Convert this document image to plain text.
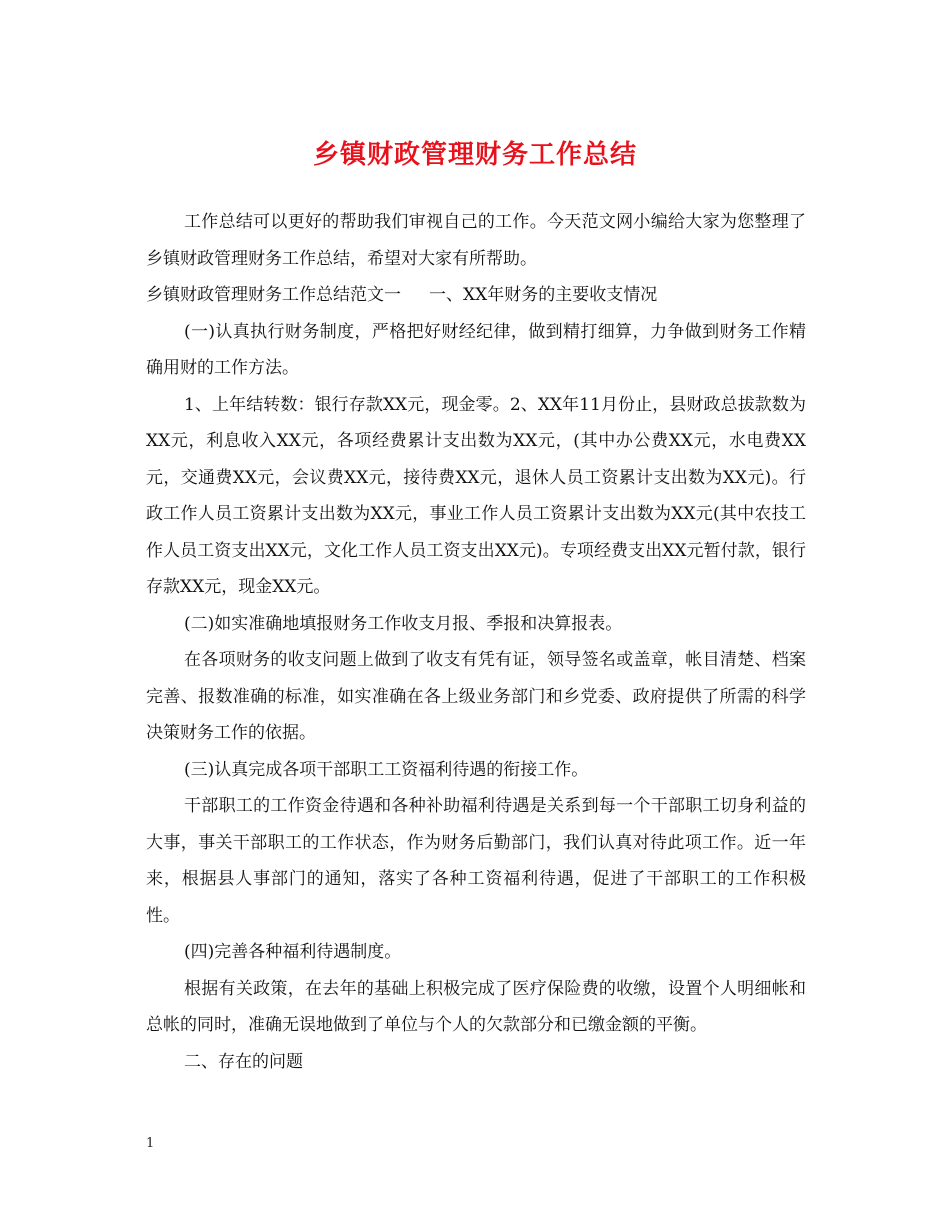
乡镇财政管理财务工作总结

工作总结可以更好的帮助我们审视自己的工作。今天范文网小编给大家为您整理了乡镇财政管理财务工作总结，希望对大家有所帮助。

乡镇财政管理财务工作总结范文一 一、XX年财务的主要收支情况

(一)认真执行财务制度，严格把好财经纪律，做到精打细算，力争做到财务工作精确用财的工作方法。

1、上年结转数：银行存款XX元，现金零。2、XX年11月份止，县财政总拔款数为XX元，利息收入XX元，各项经费累计支出数为XX元，(其中办公费XX元，水电费XX元，交通费XX元，会议费XX元，接待费XX元，退休人员工资累计支出数为XX元)。行政工作人员工资累计支出数为XX元，事业工作人员工资累计支出数为XX元(其中农技工作人员工资支出XX元，文化工作人员工资支出XX元)。专项经费支出XX元暂付款，银行存款XX元，现金XX元。

(二)如实准确地填报财务工作收支月报、季报和决算报表。

在各项财务的收支问题上做到了收支有凭有证，领导签名或盖章，帐目清楚、档案完善、报数准确的标准，如实准确在各上级业务部门和乡党委、政府提供了所需的科学决策财务工作的依据。

(三)认真完成各项干部职工工资福利待遇的衔接工作。

干部职工的工作资金待遇和各种补助福利待遇是关系到每一个干部职工切身利益的大事，事关干部职工的工作状态，作为财务后勤部门，我们认真对待此项工作。近一年来，根据县人事部门的通知，落实了各种工资福利待遇，促进了干部职工的工作积极性。

(四)完善各种福利待遇制度。

根据有关政策，在去年的基础上积极完成了医疗保险费的收缴，设置个人明细帐和总帐的同时，准确无误地做到了单位与个人的欠款部分和已缴金额的平衡。

二、存在的问题

1
